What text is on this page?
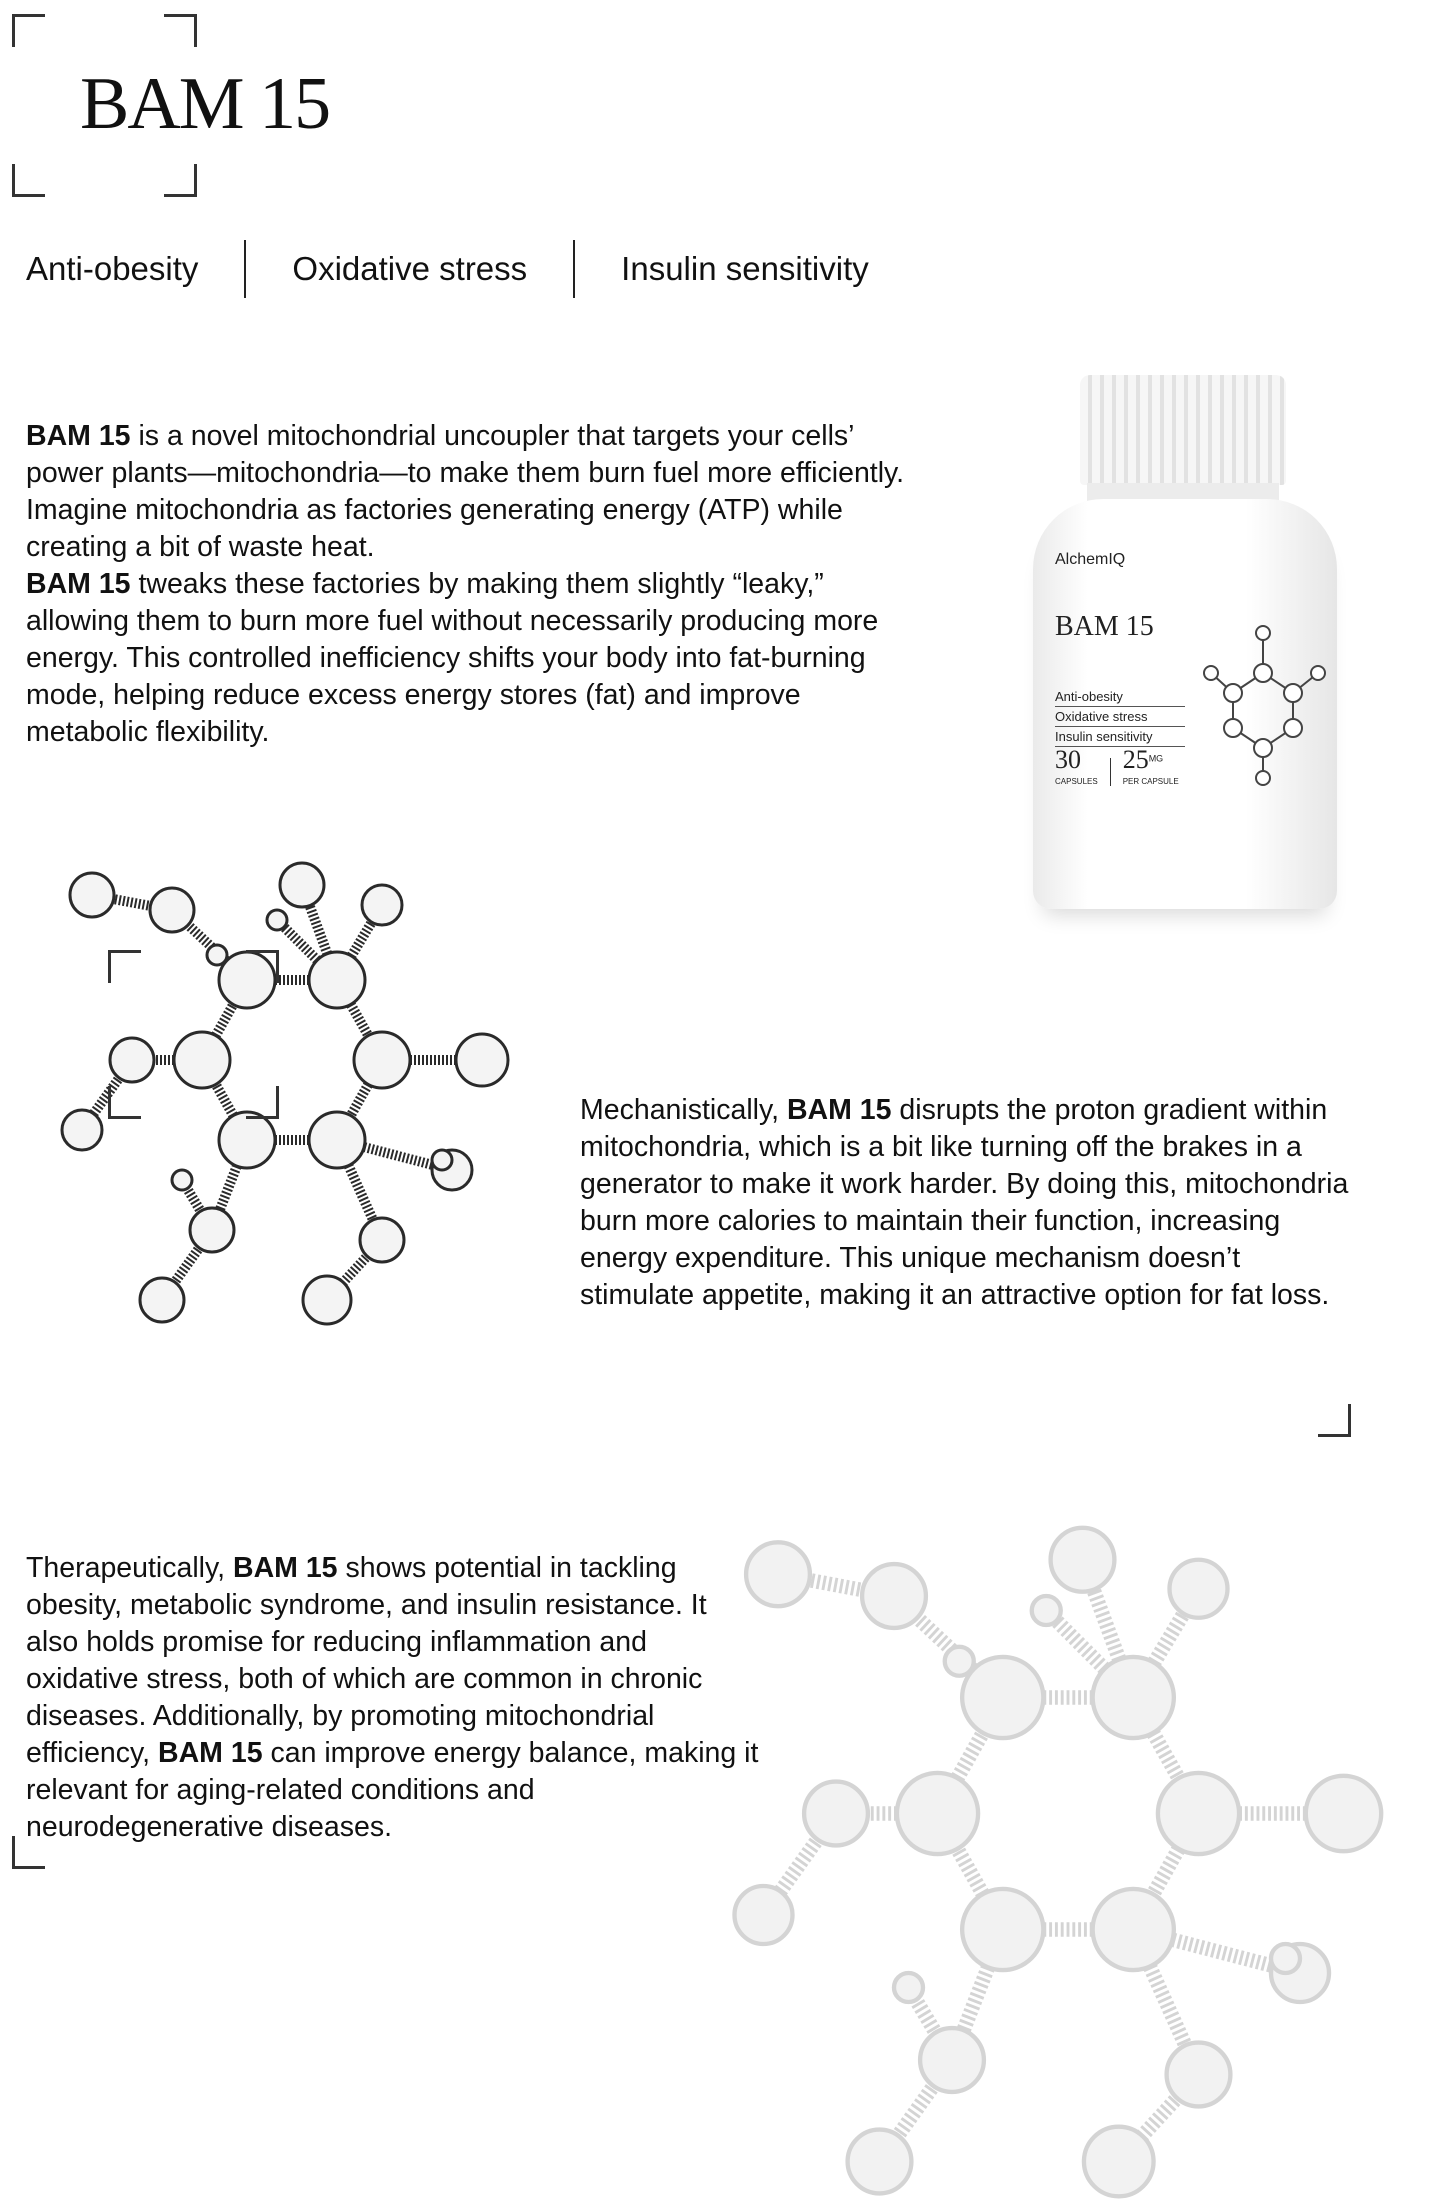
BAM 15
Anti-obesity	Oxidative stress	Insulin sensitivity
BAM 15 is a novel mitochondrial uncoupler that targets your cells’ power plants—mitochondria—to make them burn fuel more efficiently. Imagine mitochondria as factories generating energy (ATP) while creating a bit of waste heat.
BAM 15 tweaks these factories by making them slightly “leaky,” allowing them to burn more fuel without necessarily producing more energy. This controlled inefficiency shifts your body into fat-burning mode, helping reduce excess energy stores (fat) and improve metabolic flexibility.
AlchemIQ
BAM 15
Anti-obesity
Oxidative stress
Insulin sensitivity
30
CAPSULES
$25^{MG}$
PER CAPSULE
Mechanistically, BAM 15 disrupts the proton gradient within mitochondria, which is a bit like turning off the brakes in a generator to make it work harder. By doing this, mitochondria burn more calories to maintain their function, increasing energy expenditure. This unique mechanism doesn’t stimulate appetite, making it an attractive option for fat loss.
Therapeutically, BAM 15 shows potential in tackling obesity, metabolic syndrome, and insulin resistance. It also holds promise for reducing inflammation and oxidative stress, both of which are common in chronic diseases. Additionally, by promoting mitochondrial efficiency, BAM 15 can improve energy balance, making it relevant for aging-related conditions and neurodegenerative diseases.
